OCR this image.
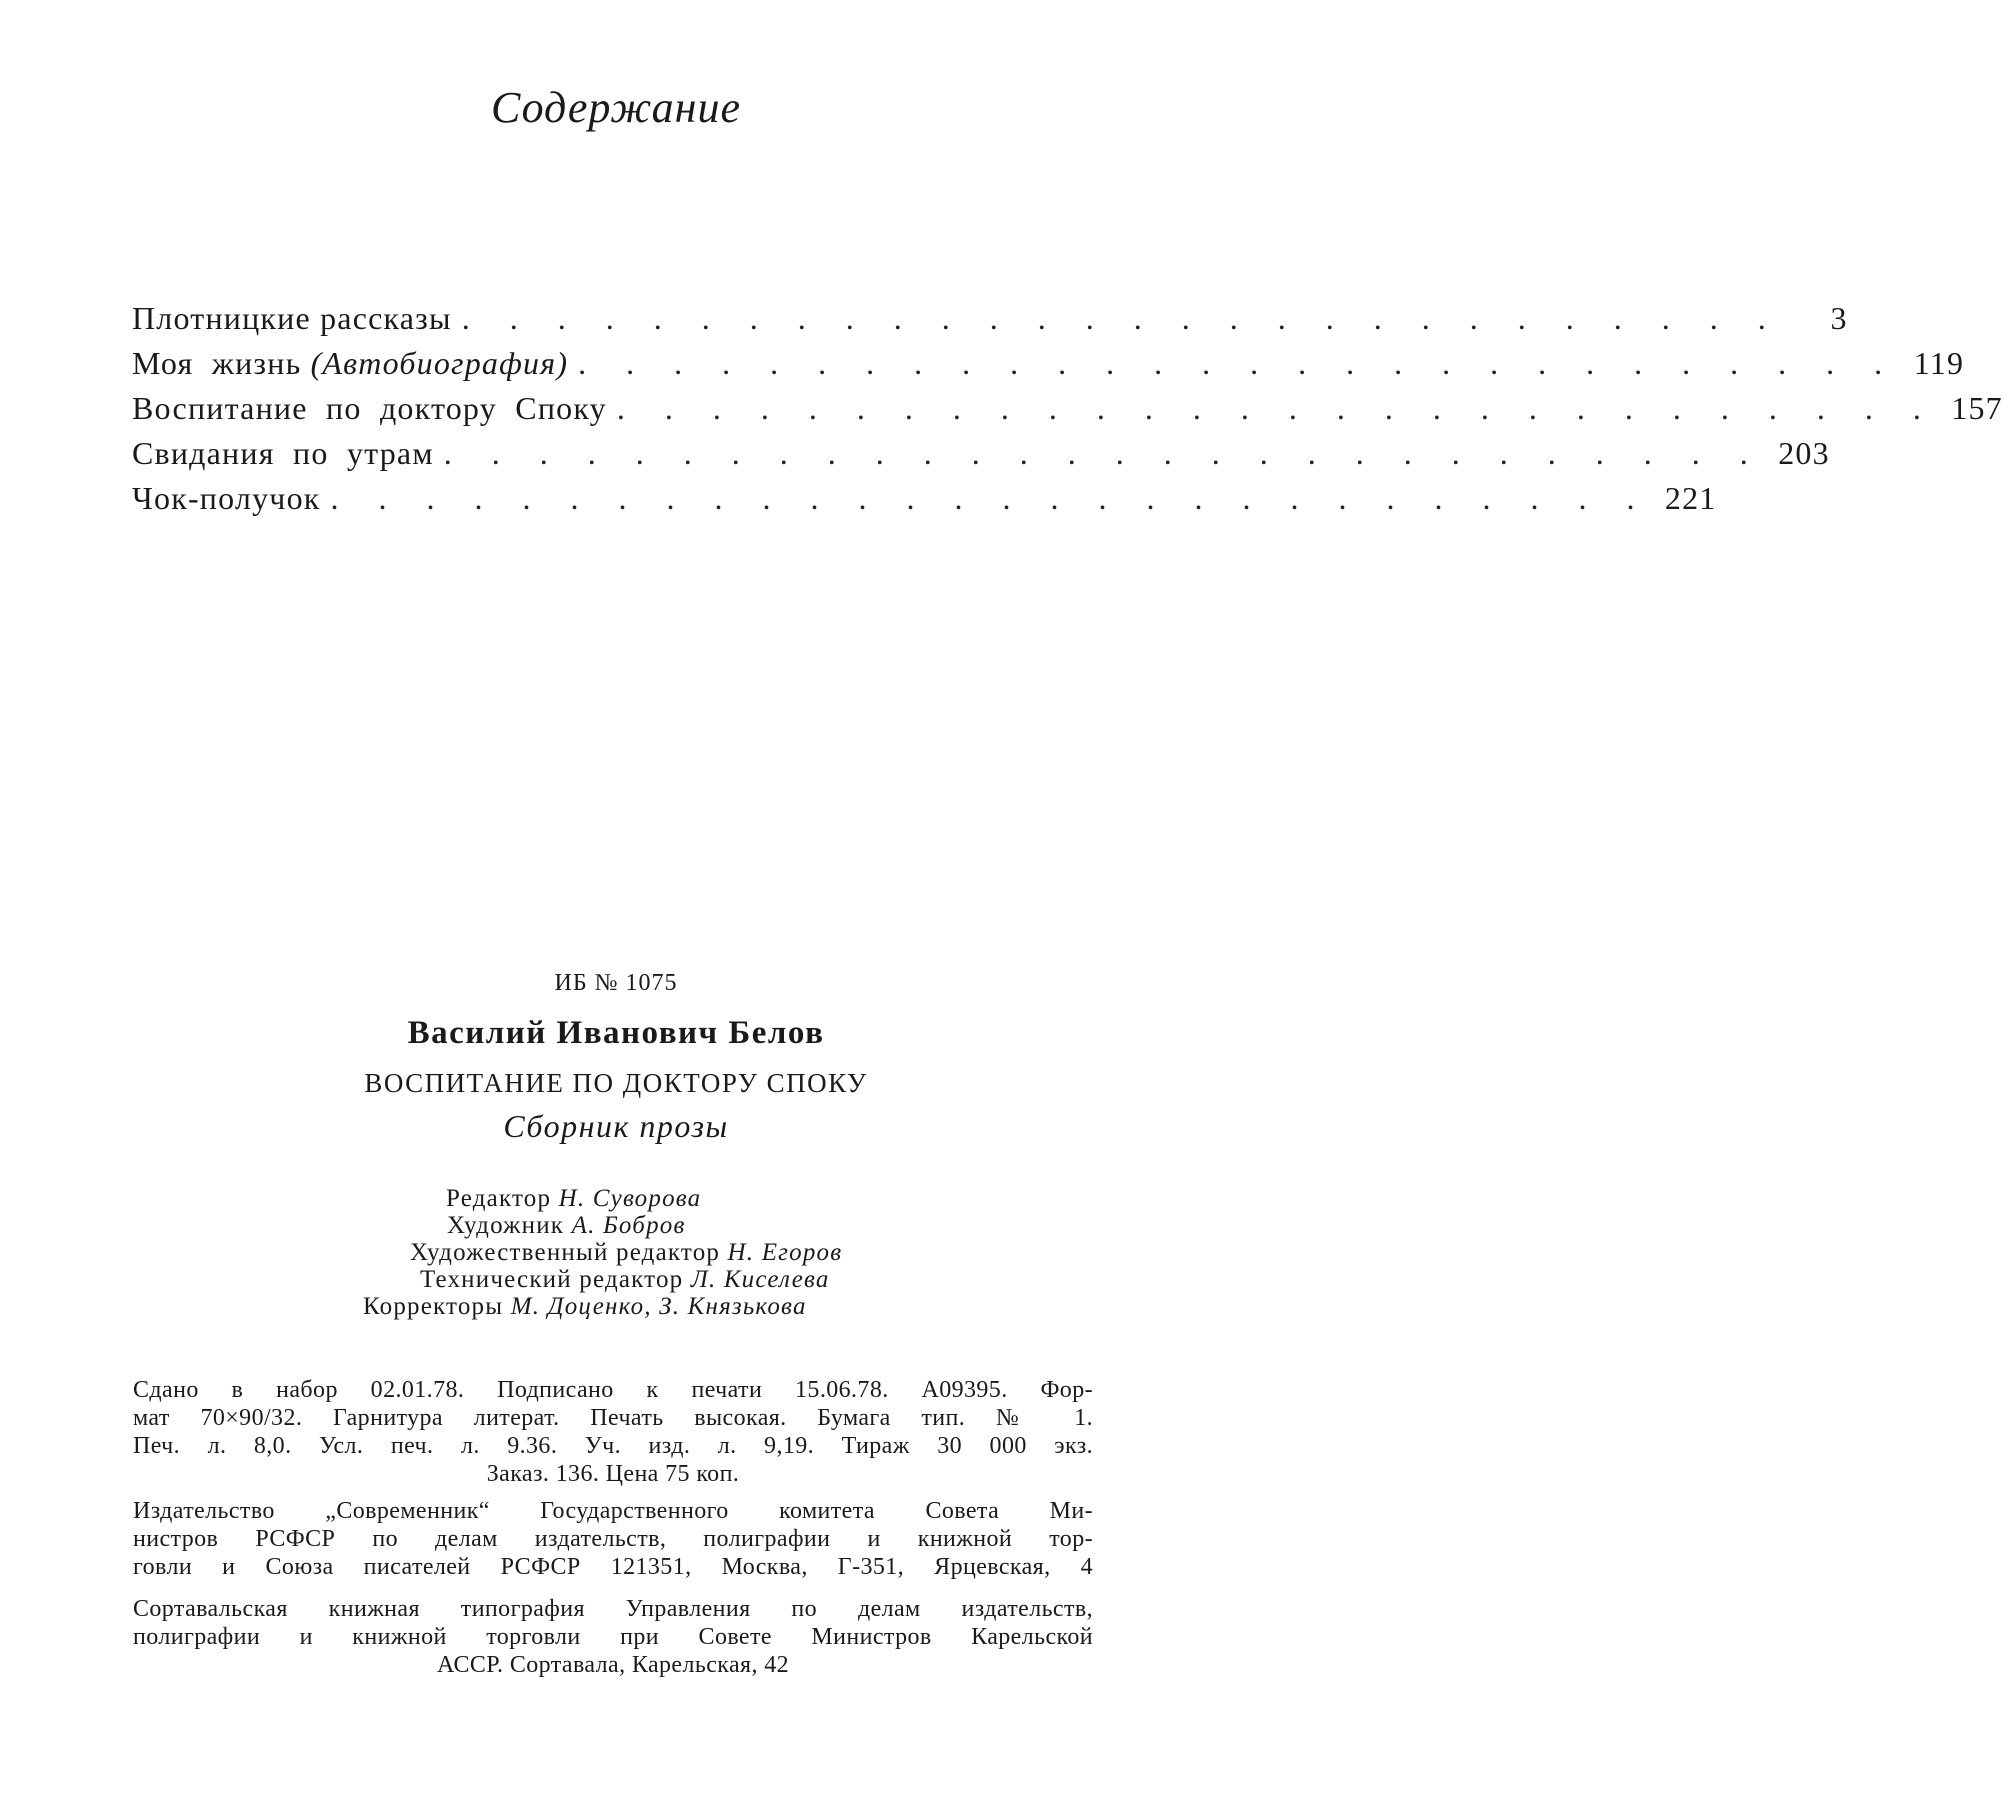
Содержание
Плотницкие рассказы . . . . . . . . . . . . . . . . . . . . . . . . . . . .	3
Моя  жизнь (Автобиография) . . . . . . . . . . . . . . . . . . . . . . . . . . . . 119
Воспитание  по  доктору  Споку . . . . . . . . . . . . . . . . . . . . . . . . . . . . 157
Свидания  по  утрам . . . . . . . . . . . . . . . . . . . . . . . . . . . . 203
Чок-получок . . . . . . . . . . . . . . . . . . . . . . . . . . . . 221
ИБ № 1075
Василий Иванович Белов
ВОСПИТАНИЕ ПО ДОКТОРУ СПОКУ
Сборник прозы
Редактор Н. Суворова
Художник А. Бобров
Художественный редактор Н. Егоров
Технический редактор Л. Киселева
Корректоры М. Доценко, З. Князькова
Сдано в набор 02.01.78. Подписано к печати 15.06.78. А09395. Фор-
мат 70×90/32. Гарнитура литерат. Печать высокая. Бумага тип. № 1.
Печ. л. 8,0. Усл. печ. л. 9.36. Уч. изд. л. 9,19. Тираж 30 000 экз.
Заказ. 136. Цена 75 коп.
Издательство „Современник“ Государственного комитета Совета Ми-
нистров РСФСР по делам издательств, полиграфии и книжной тор-
говли и Союза писателей РСФСР 121351, Москва, Г-351, Ярцевская, 4
Сортавальская книжная типография Управления по делам издательств,
полиграфии и книжной торговли при Совете Министров Карельской
АССР. Сортавала, Карельская, 42
